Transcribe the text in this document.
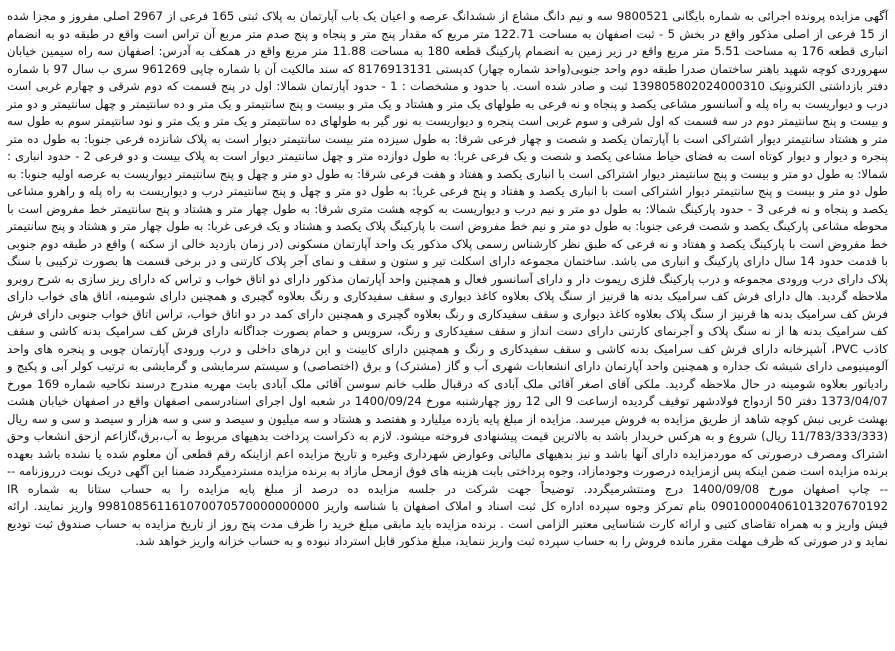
آگهی مزایده پرونده اجرائی به شماره بایگانی 9800521 سه و نیم دانگ مشاع از ششدانگ عرصه و اعیان یک باب آپارتمان به پلاک ثبتی 165 فرعی از 2967 اصلی مفروز و مجزا شده از 15 فرعی از اصلی مذکور واقع در بخش 5 - ثبت اصفهان به مساحت 122.71 متر مربع که مقدار پنج متر و پنجاه و پنج صدم متر مربع آن تراس است واقع در طبقه دو به انضمام انباری قطعه 176 به مساحت 5.51 متر مربع واقع در زیر زمین به انضمام پارکینگ قطعه 180 به مساحت 11.88 متر مربع واقع در همکف به آدرس: اصفهان سه راه سیمین خیابان سهروردی کوچه شهید باهنر ساختمان صدرا طبقه دوم واحد جنوبی(واحد شماره چهار) کدپستی 8176913131 که سند مالکیت آن با شماره چاپی 961269 سری ب سال 97 با شماره دفتر بازداشتی الکترونیک 139805802024000310 ثبت و صادر شده است. با حدود و مشخصات : 1 - حدود آپارتمان شمالا: اول در پنج قسمت که دوم شرقی و چهارم غربی است درب و دیواریست به راه پله و آسانسور مشاعی یکصد و پنجاه و نه فرعی به طولهای یک متر و هشتاد و یک متر و بیست و پنج سانتیمتر و یک متر و ده سانتیمتر و چهل سانتیمتر و دو متر و بیست و پنج سانتیمتر دوم در سه قسمت که اول شرقی و سوم غربی است پنجره و دیواریست به نور گیر به طولهای ده سانتیمتر و یک متر و یک متر و نود سانتیمتر سوم به طول سه متر و هشتاد سانتیمتر دیوار اشتراکی است با آپارتمان یکصد و شصت و چهار فرعی شرقا: به طول سیزده متر بیست سانتیمتر دیوار است به پلاک شانزده فرعی جنوبا: به طول ده متر پنجره و دیوار و دیوار کوتاه است به فضای حیاط مشاعی یکصد و شصت و یک فرعی غربا: به طول دوازده متر و چهل سانتیمتر دیوار است به پلاک بیست و دو فرعی 2 - حدود انباری : شمالا: به طول دو متر و بیست و پنج سانتیمتر دیوار اشتراکی است با انباری یکصد و هفتاد و هفت فرعی شرقا: به طول دو متر و چهل و پنج سانتیمتر دیواریست به عرصه اولیه جنوبا: به طول دو متر و بیست و پنج سانتیمتر دیوار اشتراکی است با انباری یکصد و هفتاد و پنج فرعی غربا: به طول دو متر و چهل و پنج سانتیمتر درب و دیواریست به راه پله و راهرو مشاعی یکصد و پنجاه و نه فرعی 3 - حدود پارکینگ شمالا: به طول دو متر و نیم درب و دیواریست به کوچه هشت متری شرقا: به طول چهار متر و هشتاد و پنج سانتیمتر خط مفروض است با محوطه مشاعی پارکینگ یکصد و شصت فرعی جنوبا: به طول دو متر و نیم خط مفروض است با پارکینگ پلاک یکصد و هشتاد و یک فرعی غربا: به طول چهار متر و هشتاد و پنج سانتیمتر خط مفروض است با پارکینگ یکصد و هفتاد و نه فرعی که طبق نظر کارشناس رسمی پلاک مذکور یک واحد آپارتمان مسکونی (در زمان بازدید خالی از سکنه ) واقع در طبقه دوم جنوبی با قدمت حدود 14 سال دارای پارکینگ و انباری می باشد. ساختمان مجموعه دارای اسکلت تیر و ستون و سقف و نمای آجر پلاک کارتنی و در برخی قسمت ها بصورت ترکیبی با سنگ پلاک دارای درب ورودی مجموعه و درب پارکینگ فلزی ریموت دار و دارای آسانسور فعال و همچنین واحد آپارتمان مذکور دارای دو اتاق خواب و تراس که دارای ریز سازی به شرح روبرو ملاحظه گردید. هال دارای فرش کف سرامیک بدنه ها قرنیز از سنگ پلاک بعلاوه کاغذ دیواری و سقف سفیدکاری و رنگ بعلاوه گچبری و همچنین دارای شومینه، اتاق های خواب دارای فرش کف سرامیک بدنه ها قرنیز از سنگ پلاک بعلاوه کاغذ دیواری و سقف سفیدکاری و رنگ بعلاوه گچبری و همچنین دارای کمد در دو اتاق خواب، تراس اتاق خواب جنوبی دارای فرش کف سرامیک بدنه ها از نه سنگ پلاک و آجرنمای کارتنی دارای دست انداز و سقف سفیدکاری و رنگ، سرویس و حمام بصورت جداگانه دارای فرش کف سرامیک بدنه کاشی و سقف کاذب PVC، آشپزخانه دارای فرش کف سرامیک بدنه کاشی و سقف سفیدکاری و رنگ و همچنین دارای کابینت و این درهای داخلی و درب ورودی آپارتمان چوبی و پنجره های واحد آلومینیومی دارای شیشه تک جداره و همچنین واحد آپارتمان دارای انشعابات شهری آب و گاز (مشترک) و برق (اختصاصی) و سیستم سرمایشی و گرمایشی به ترتیب کولر آبی و پکیج و رادیاتور بعلاوه شومینه در حال ملاحظه گردید. ملکی آقای اصغر آقائی ملک آبادی که درقبال طلب خانم سوسن آقائی ملک آبادی بابت مهریه مندرج درسند نکاحیه شماره 169 مورخ 1373/04/07 دفتر 50 ازدواج فولادشهر توقیف گردیده ازساعت 9 الی 12 روز چهارشنبه مورخ 1400/09/24 در شعبه اول اجرای اسنادرسمی اصفهان واقع در اصفهان خیابان هشت بهشت غربی نبش کوچه شاهد از طریق مزایده به فروش میرسد. مزایده از مبلغ پایه یازده میلیارد و هفتصد و هشتاد و سه میلیون و سیصد و سی و سه هزار و سیصد و سی و سه ریال (11/783/333/333 ریال) شروع و به هرکس خریدار باشد به بالاترین قیمت پیشنهادی فروخته میشود. لازم به ذکراست پرداخت بدهیهای مربوط به آب،برق،گازاعم ازحق انشعاب وحق اشتراک ومصرف درصورتی که موردمزایده دارای آنها باشد و نیز بدهیهای مالیاتی وعوارض شهرداری وغیره و تاریخ مزایده اعم ازاینکه رقم قطعی آن معلوم شده یا نشده باشد بعهده برنده مزایده است ضمن اینکه پس ازمزایده درصورت وجودمازاد، وجوه پرداختی بابت هزینه های فوق ازمحل مازاد به برنده مزایده مستردمیگردد ضمنا این آگهی دریک نوبت درروزنامه ---- چاپ اصفهان مورخ 1400/09/08 درج ومنتشرمیگردد. توضیحاً جهت شرکت در جلسه مزایده ده درصد از مبلغ پایه مزایده را به حساب ستانا به شماره IR 090100004061013207670192 بنام تمرکز وجوه سپرده اداره کل ثبت اسناد و املاک اصفهان با شناسه واریز 998108561161070070570000000000 واریز نمایند. ارائه فیش واریز و به همراه تقاضای کتبی و ارائه کارت شناسایی معتبر الزامی است . برنده مزایده باید مابقی مبلغ خرید را ظرف مدت پنج روز از تاریخ مزایده به حساب صندوق ثبت تودیع نماید و در صورتی که ظرف مهلت مقرر مانده فروش را به حساب سپرده ثبت واریز ننماید، مبلغ مذکور قابل استرداد نبوده و به حساب خزانه واریز خواهد شد.
